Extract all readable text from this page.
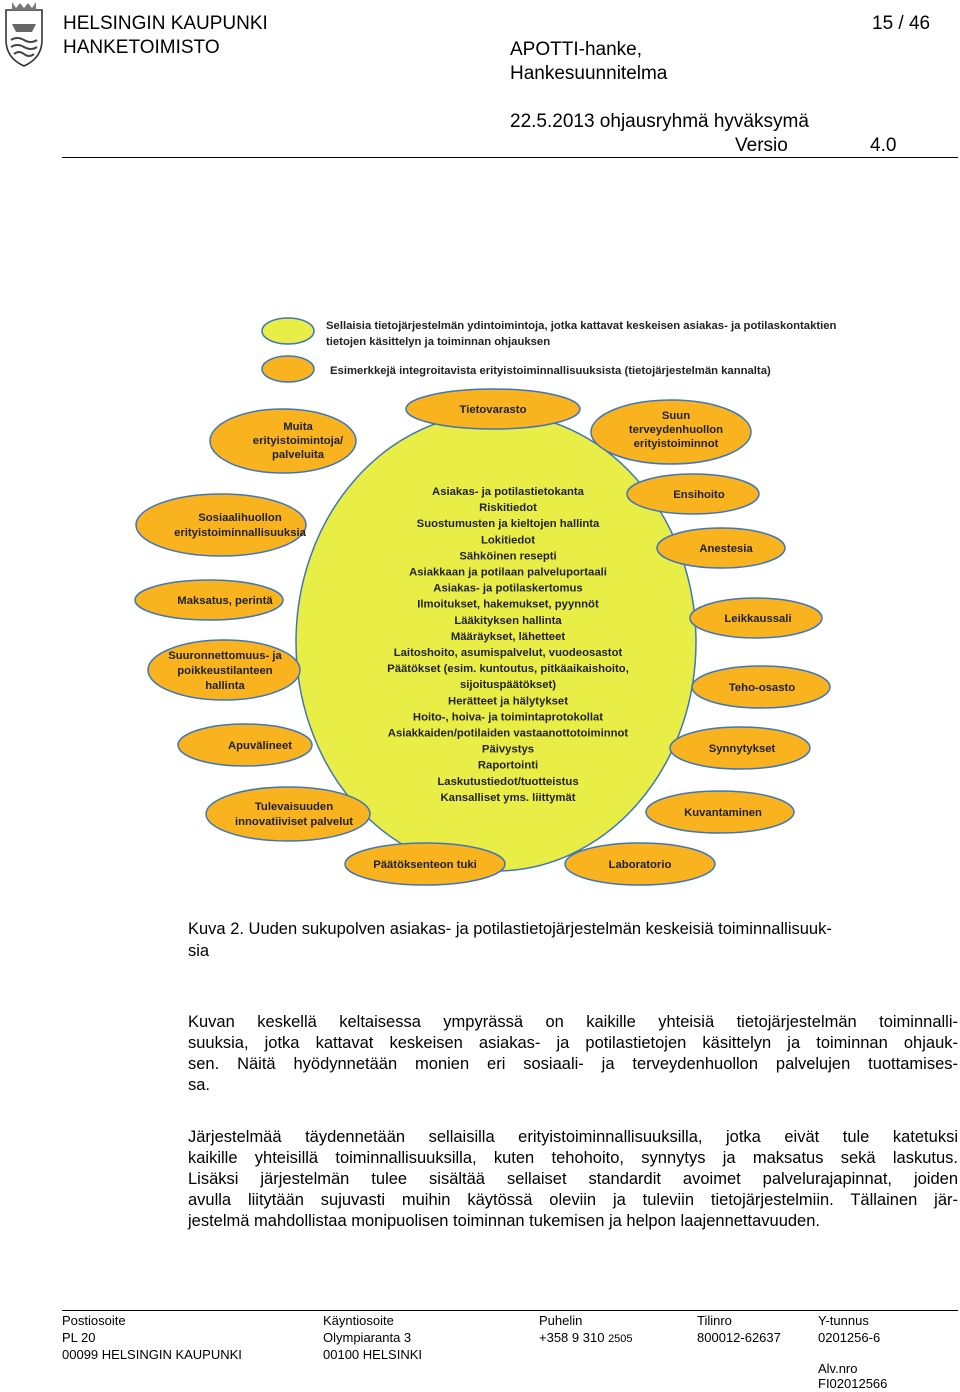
HELSINGIN KAUPUNKI
HANKETOIMISTO
15 / 46
APOTTI-hanke,
Hankesuunnitelma
22.5.2013 ohjausryhmä hyväksymä
Versio	4.0
Sellaisia tietojärjestelmän ydintoimintoja, jotka kattavat keskeisen asiakas- ja potilaskontaktien
tietojen käsittelyn ja toiminnan ohjauksen
Esimerkkejä integroitavista erityistoiminnallisuuksista (tietojärjestelmän kannalta)
Asiakas- ja potilastietokanta
Riskitiedot
Suostumusten ja kieltojen hallinta
Lokitiedot
Sähköinen resepti
Asiakkaan ja potilaan palveluportaali
Asiakas- ja potilaskertomus
Ilmoitukset, hakemukset, pyynnöt
Lääkityksen hallinta
Määräykset, lähetteet
Laitoshoito, asumispalvelut, vuodeosastot
Päätökset (esim. kuntoutus, pitkäaikaishoito,
sijoituspäätökset)
Herätteet ja hälytykset
Hoito-, hoiva- ja toimintaprotokollat
Asiakkaiden/potilaiden vastaanottotoiminnot
Päivystys
Raportointi
Laskutustiedot/tuotteistus
Kansalliset yms. liittymät
Muita erityistoimintoja/ palveluita
Tietovarasto	Suun terveydenhuollon erityistoiminnot
Sosiaalihuollon erityistoiminnallisuuksia
Ensihoito
Anestesia
Maksatus, perintä
Leikkaussali
Suuronnettomuus- ja poikkeustilanteen hallinta	Teho-osasto
Apuvälineet	Synnytykset
Tulevaisuuden innovatiiviset palvelut
Kuvantaminen
Päätöksenteon tuki	Laboratorio
Kuva 2. Uuden sukupolven asiakas- ja potilastietojärjestelmän keskeisiä toiminnallisuuk-
sia

Kuvan keskellä keltaisessa ympyrässä on kaikille yhteisiä tietojärjestelmän toiminnalli-

suuksia, jotka kattavat keskeisen asiakas- ja potilastietojen käsittelyn ja toiminnan ohjauk-

sen. Näitä hyödynnetään monien eri sosiaali- ja terveydenhuollon palvelujen tuottamises-

sa.

Järjestelmää täydennetään sellaisilla erityistoiminnallisuuksilla, jotka eivät tule katetuksi

kaikille yhteisillä toiminnallisuuksilla, kuten tehohoito, synnytys ja maksatus sekä laskutus.

Lisäksi järjestelmän tulee sisältää sellaiset standardit avoimet palvelurajapinnat, joiden

avulla liitytään sujuvasti muihin käytössä oleviin ja tuleviin tietojärjestelmiin. Tällainen jär-

jestelmä mahdollistaa monipuolisen toiminnan tukemisen ja helpon laajennettavuuden.

Postiosoite
PL 20
00099 HELSINGIN KAUPUNKI
Käyntiosoite
Olympiaranta 3
00100 HELSINKI
Puhelin
+358 9 310 2505
Tilinro
800012-62637
Y-tunnus
0201256-6
Alv.nro
FI02012566
